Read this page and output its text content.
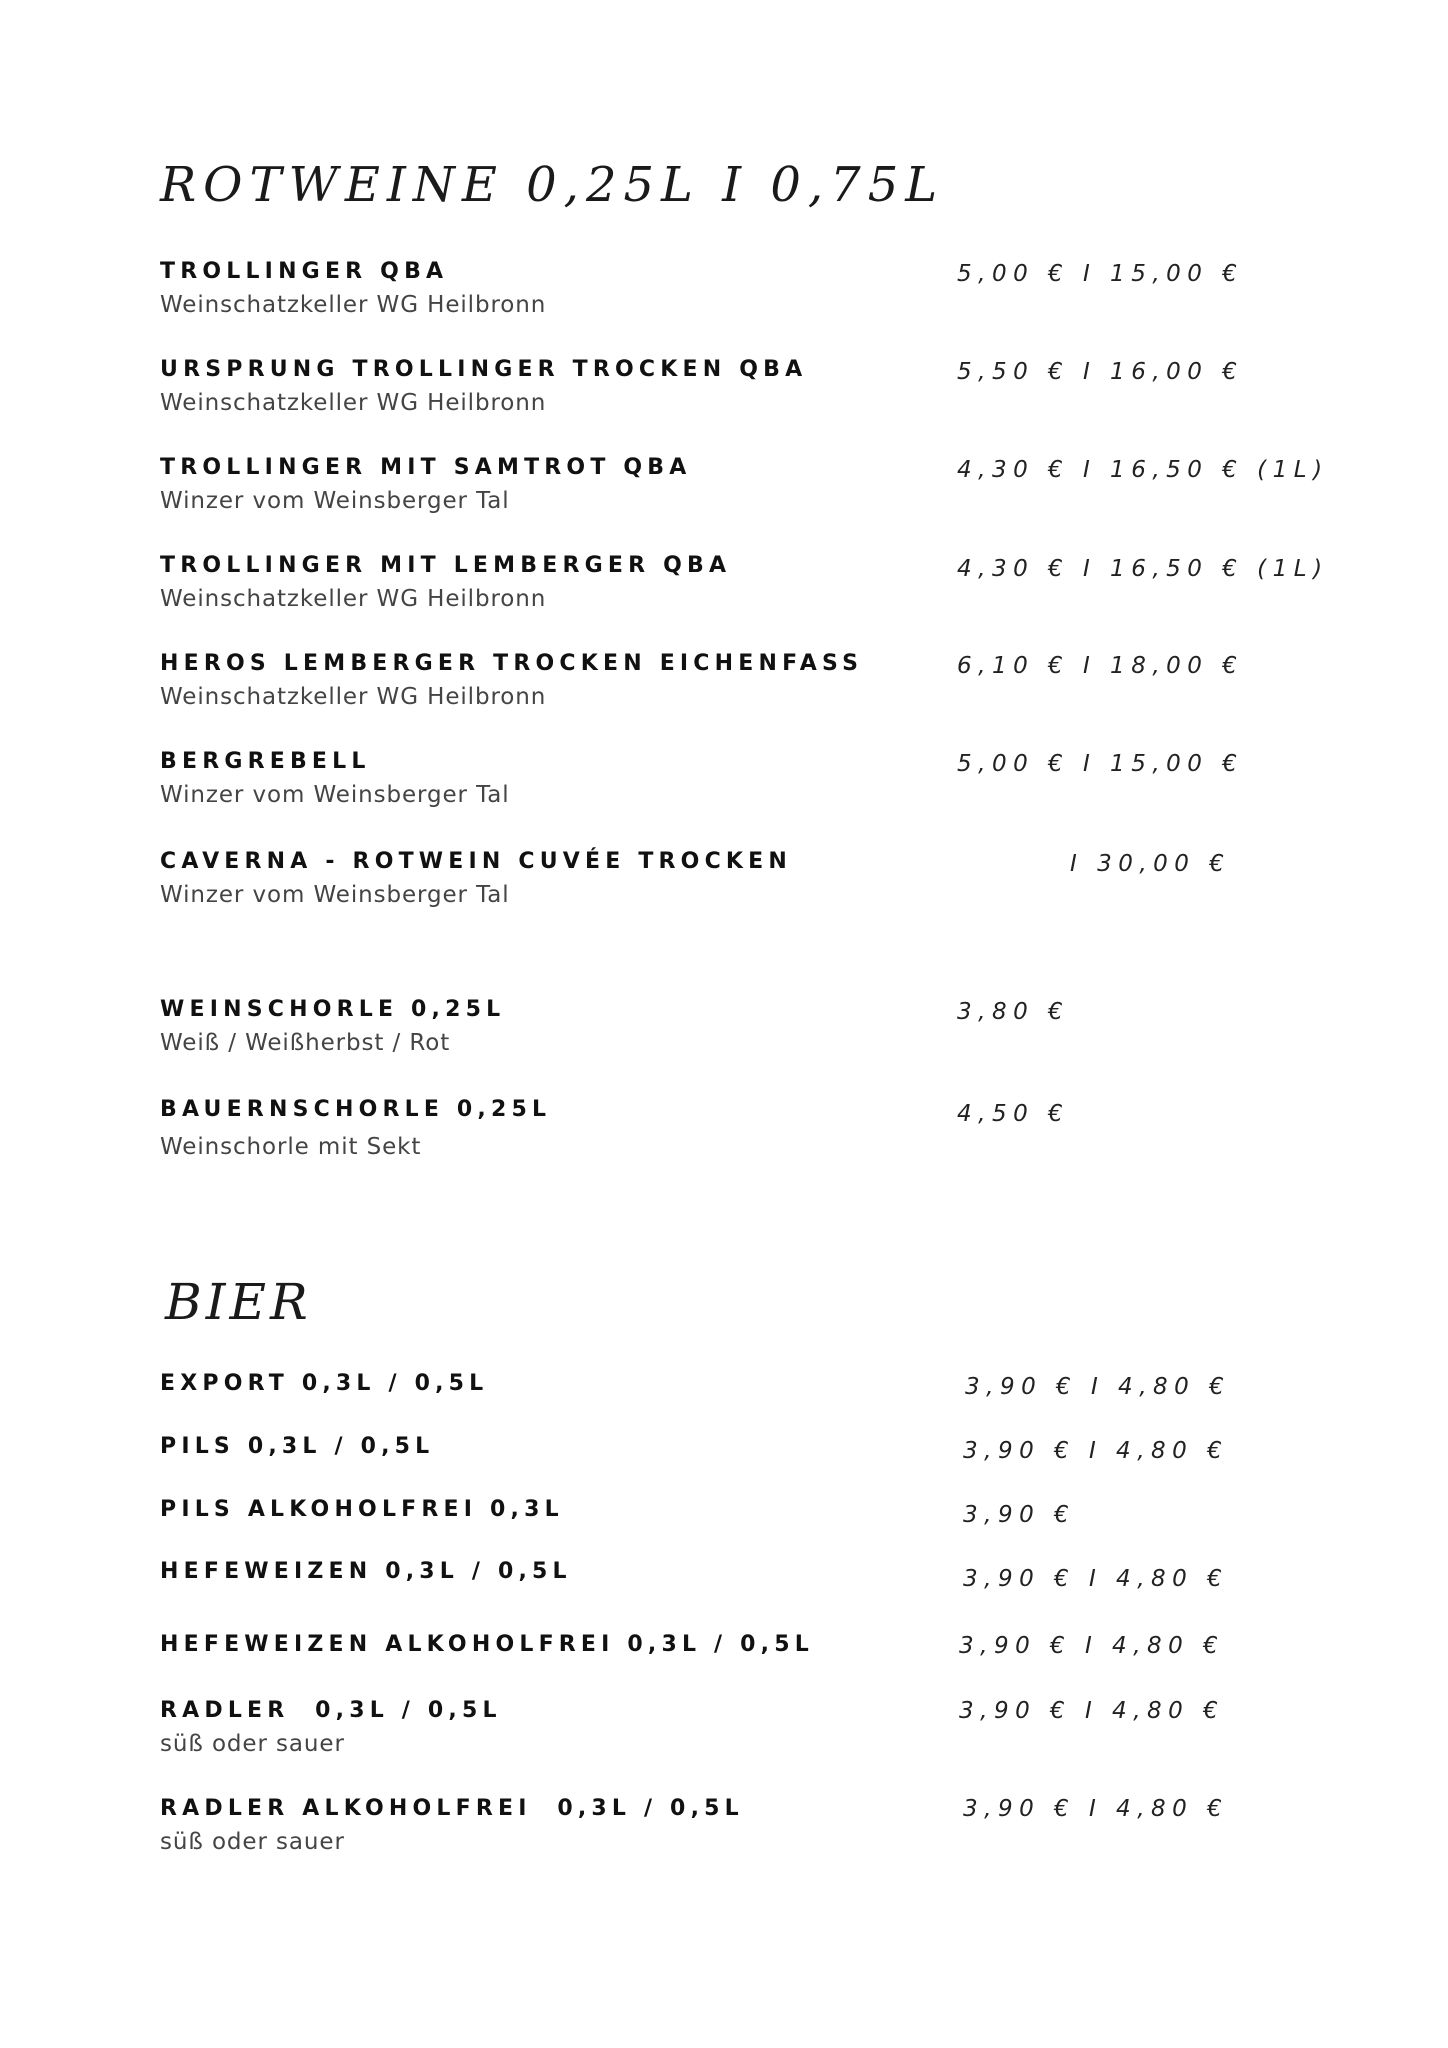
ROTWEINE 0,25L I 0,75L
TROLLINGER QBA
Weinschatzkeller WG Heilbronn
5,00 € I 15,00 €
URSPRUNG TROLLINGER TROCKEN QBA
Weinschatzkeller WG Heilbronn
5,50 € I 16,00 €
TROLLINGER MIT SAMTROT QBA
Winzer vom Weinsberger Tal
4,30 € I 16,50 € (1L)
TROLLINGER MIT LEMBERGER QBA
Weinschatzkeller WG Heilbronn
4,30 € I 16,50 € (1L)
HEROS LEMBERGER TROCKEN EICHENFASS
Weinschatzkeller WG Heilbronn
6,10 € I 18,00 €
BERGREBELL
Winzer vom Weinsberger Tal
5,00 € I 15,00 €
CAVERNA - ROTWEIN CUVÉE TROCKEN
Winzer vom Weinsberger Tal
I 30,00 €
WEINSCHORLE 0,25L
Weiß / Weißherbst / Rot
3,80 €
BAUERNSCHORLE 0,25L
Weinschorle mit Sekt
4,50 €
BIER
EXPORT 0,3L / 0,5L	3,90 € I 4,80 €
PILS 0,3L / 0,5L	3,90 € I 4,80 €
PILS ALKOHOLFREI 0,3L	3,90 €
HEFEWEIZEN 0,3L / 0,5L	3,90 € I 4,80 €
HEFEWEIZEN ALKOHOLFREI 0,3L / 0,5L	3,90 € I 4,80 €
RADLER  0,3L / 0,5L
süß oder sauer
3,90 € I 4,80 €
RADLER ALKOHOLFREI  0,3L / 0,5L
süß oder sauer
3,90 € I 4,80 €
